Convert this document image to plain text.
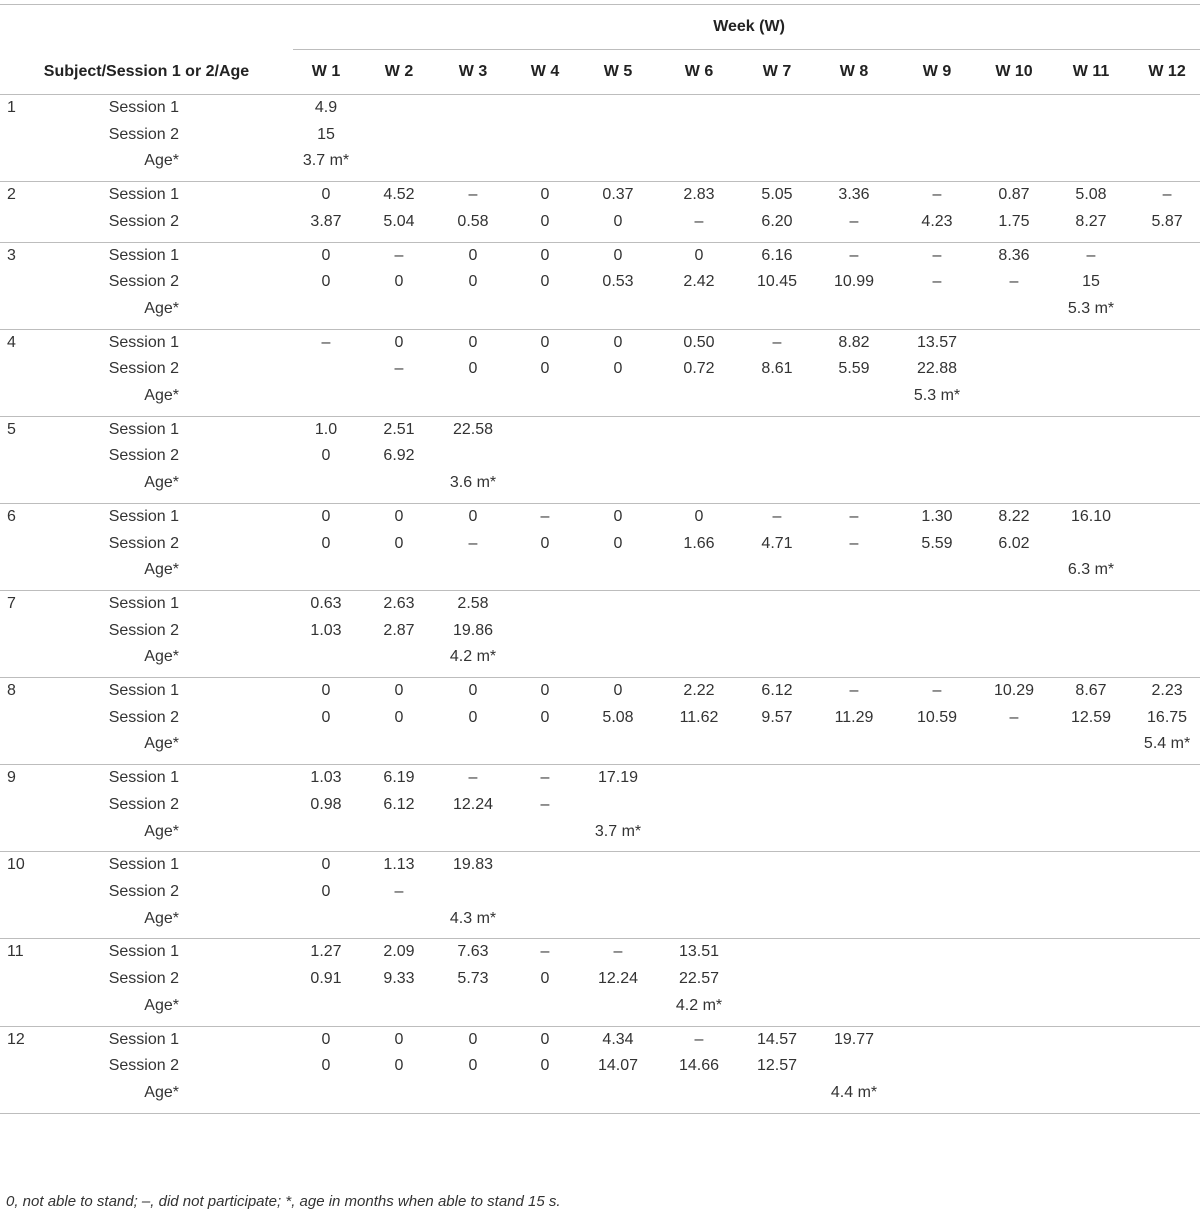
		Week (W)											
Subject/Session 1 or 2/Age		W 1	W 2	W 3	W 4	W 5	W 6	W 7	W 8	W 9	W 10	W 11	W 12
1	Session 1	4.9											
	Session 2	15											
	Age*	3.7 m*											

2	Session 1	0	4.52	–	0	0.37	2.83	5.05	3.36	–	0.87	5.08	–
	Session 2	3.87	5.04	0.58	0	0	–	6.20	–	4.23	1.75	8.27	5.87

3	Session 1	0	–	0	0	0	0	6.16	–	–	8.36	–	
	Session 2	0	0	0	0	0.53	2.42	10.45	10.99	–	–	15	
	Age*											5.3 m*	

4	Session 1	–	0	0	0	0	0.50	–	8.82	13.57			
	Session 2		–	0	0	0	0.72	8.61	5.59	22.88			
	Age*									5.3 m*			

5	Session 1	1.0	2.51	22.58									
	Session 2	0	6.92										
	Age*			3.6 m*									

6	Session 1	0	0	0	–	0	0	–	–	1.30	8.22	16.10	
	Session 2	0	0	–	0	0	1.66	4.71	–	5.59	6.02		
	Age*											6.3 m*	

7	Session 1	0.63	2.63	2.58									
	Session 2	1.03	2.87	19.86									
	Age*			4.2 m*									

8	Session 1	0	0	0	0	0	2.22	6.12	–	–	10.29	8.67	2.23
	Session 2	0	0	0	0	5.08	11.62	9.57	11.29	10.59	–	12.59	16.75
	Age*												5.4 m*

9	Session 1	1.03	6.19	–	–	17.19							
	Session 2	0.98	6.12	12.24	–								
	Age*					3.7 m*							

10	Session 1	0	1.13	19.83									
	Session 2	0	–										
	Age*			4.3 m*									

11	Session 1	1.27	2.09	7.63	–	–	13.51						
	Session 2	0.91	9.33	5.73	0	12.24	22.57						
	Age*						4.2 m*						

12	Session 1	0	0	0	0	4.34	–	14.57	19.77				
	Session 2	0	0	0	0	14.07	14.66	12.57					
	Age*								4.4 m*				

0, not able to stand; –, did not participate; *, age in months when able to stand 15 s.
